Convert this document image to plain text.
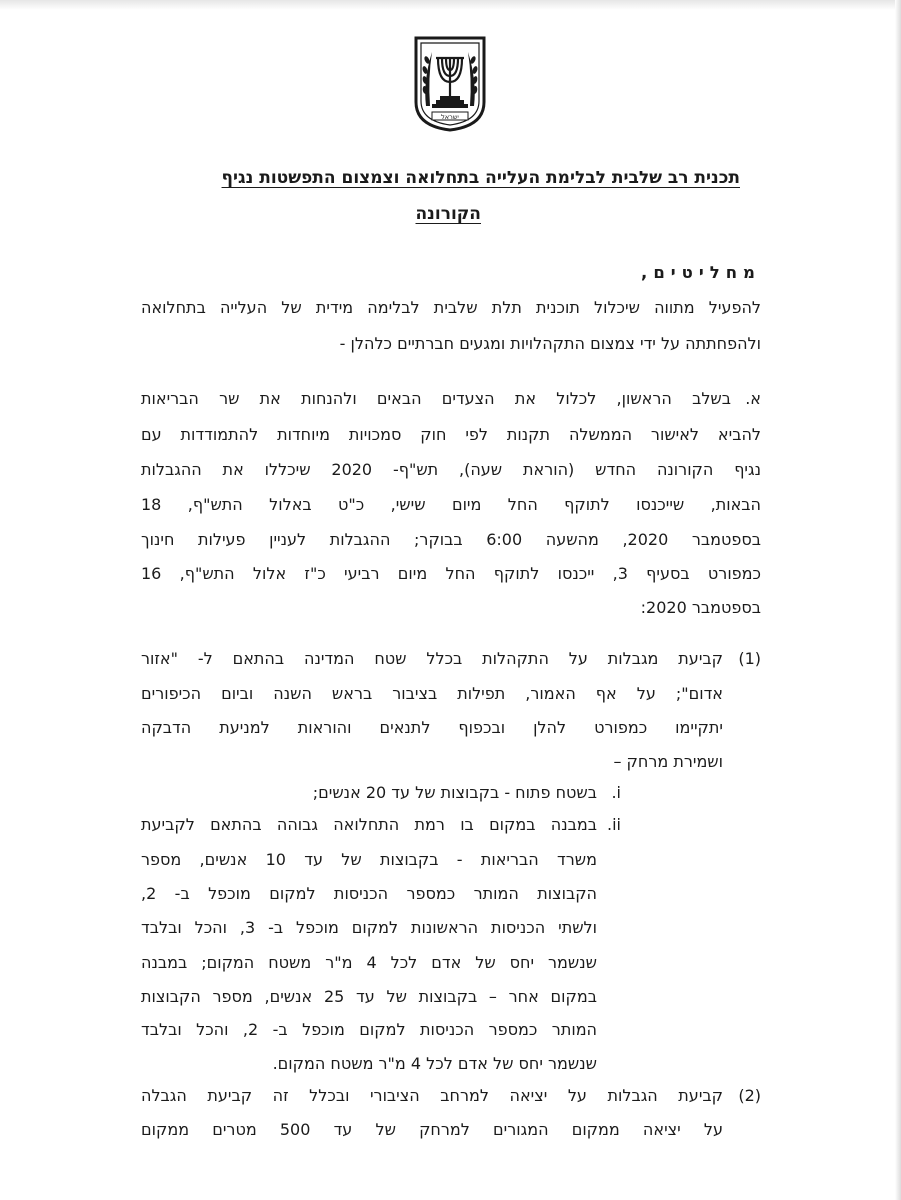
ישראל
תכנית רב שלבית לבלימת העלייה בתחלואה וצמצום התפשטות נגיף
הקורונה
מחליטים,
להפעיל מתווה שיכלול תוכנית תלת שלבית לבלימה מידית של העלייה בתחלואה
ולהפחתתה על ידי צמצום התקהלויות ומגעים חברתיים כלהלן -
א.
בשלב הראשון, לכלול את הצעדים הבאים ולהנחות את שר הבריאות
להביא לאישור הממשלה תקנות לפי חוק סמכויות מיוחדות להתמודדות עם
נגיף הקורונה החדש (הוראת שעה), תש"ף- 2020 שיכללו את ההגבלות
הבאות, שייכנסו לתוקף החל מיום שישי, כ"ט באלול התש"ף, 18
בספטמבר 2020, מהשעה 6:00 בבוקר; ההגבלות לעניין פעילות חינוך
כמפורט בסעיף 3, ייכנסו לתוקף החל מיום רביעי כ"ז אלול התש"ף, 16
בספטמבר 2020:
(1)
קביעת מגבלות על התקהלות בכלל שטח המדינה בהתאם ל- "אזור
אדום"; על אף האמור, תפילות בציבור בראש השנה וביום הכיפורים
יתקיימו כמפורט להלן ובכפוף לתנאים והוראות למניעת הדבקה
ושמירת מרחק –
i.
בשטח פתוח - בקבוצות של עד 20 אנשים;
ii.
במבנה במקום בו רמת התחלואה גבוהה בהתאם לקביעת
משרד הבריאות - בקבוצות של עד 10 אנשים, מספר
הקבוצות המותר כמספר הכניסות למקום מוכפל ב- 2,
ולשתי הכניסות הראשונות למקום מוכפל ב- 3, והכל ובלבד
שנשמר יחס של אדם לכל 4 מ"ר משטח המקום; במבנה
במקום אחר – בקבוצות של עד 25 אנשים, מספר הקבוצות
המותר כמספר הכניסות למקום מוכפל ב- 2, והכל ובלבד
שנשמר יחס של אדם לכל 4 מ"ר משטח המקום.
(2)
קביעת הגבלות על יציאה למרחב הציבורי ובכלל זה קביעת הגבלה
על יציאה ממקום המגורים למרחק של עד 500 מטרים ממקום
